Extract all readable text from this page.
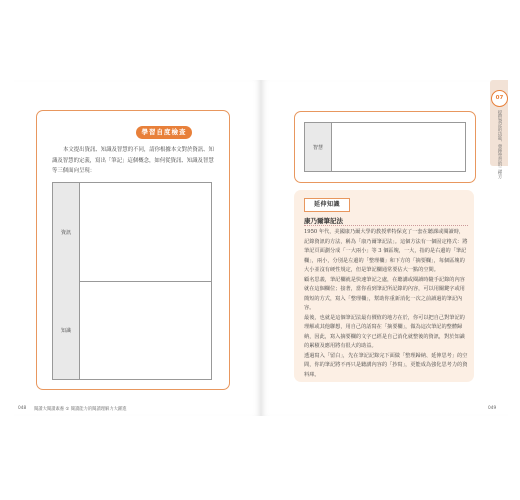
學習自度檢查
本文提出資訊、知識及智慧的不同，請你根據本文對於資訊、知識及智慧的定義，寫出「筆記」這個概念，如何從資訊、知識及智慧等三個面向呈現：
資訊
知識
048 閱讀大閱讀素養 ① 閱讀能力的閱讀理解力大躍進
智慧
延伸知識
康乃爾筆記法

1950 年代，美國康乃爾大學的教授華特保克了一套在聽課或閱讀時，記錄資訊的方法，稱為「康乃爾筆記法」。這個方法有一個固定格式：將筆記頁面劃分成「一大兩小」等 3 個區塊，一大，指的是右邊的「筆記欄」，兩小，分別是左邊的「整理欄」和下方的「摘要欄」，每個區塊的大小並沒有硬性規定，但是筆記欄通常要佔大一點的空間。

顧名思義，筆記欄就是快速筆記之處，在聽講或閱讀時隨手記錄的內容就在這個欄位；接著，當你看到筆記所記錄的內容，可以用關鍵字或用簡短的方式，寫入「整理欄」，幫助你重新消化一次之前讀過的筆記內容。

最後，也就是這個筆記法最有價值的地方在於，你可以把自己對筆記的理解或其他聯想，用自己的話寫在「摘要欄」，做為這次筆記的整體歸納，因此，寫入摘要欄的文字已經是自己消化就整後的資訊，對於知識的累積及應用將有很大的助益。

透過寫入「留白」，先在筆記記錄完下面做「整理歸納、延伸思考」的空間，你的筆記將不再只是聽講內容的「抄寫」，更能成為強化思考力的資料庫。

049
07
提供筆記的功能，發揮學習的三種方
